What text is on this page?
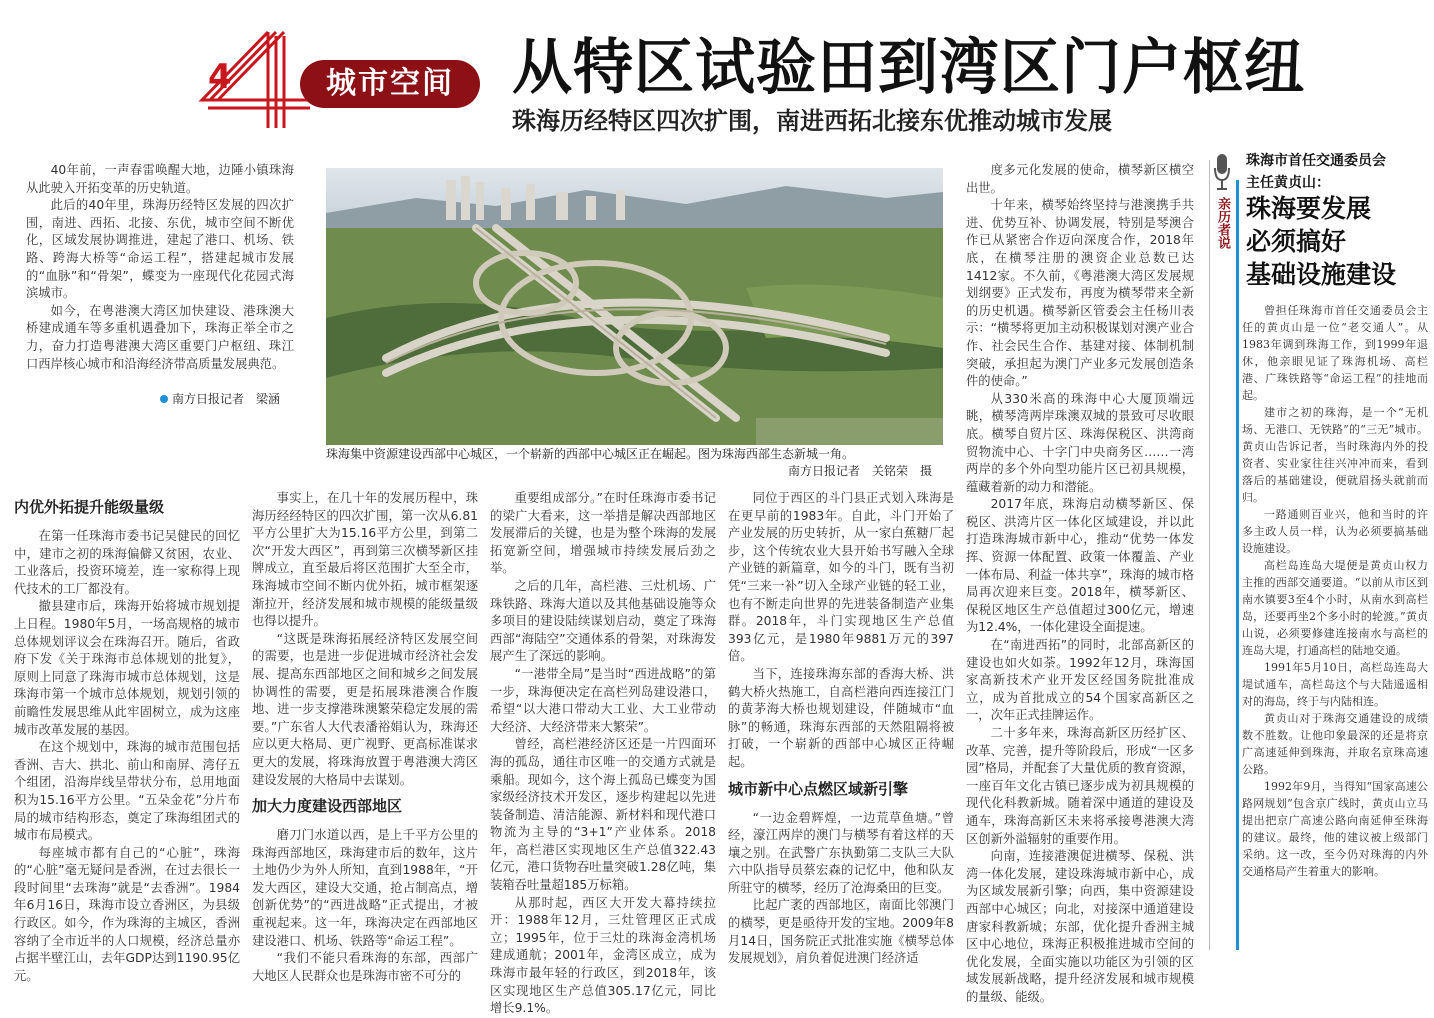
4	城市空间 从特区试验田到湾区门户枢纽
珠海历经特区四次扩围，南进西拓北接东优推动城市发展

40年前，一声春雷唤醒大地，边陲小镇珠海从此驶入开拓变革的历史轨道。

此后的40年里，珠海历经特区发展的四次扩围，南进、西拓、北接、东优，城市空间不断优化，区域发展协调推进，建起了港口、机场、铁路、跨海大桥等“命运工程”，搭建起城市发展的“血脉”和“骨架”，蝶变为一座现代化花园式海滨城市。

如今，在粤港澳大湾区加快建设、港珠澳大桥建成通车等多重机遇叠加下，珠海正举全市之力，奋力打造粤港澳大湾区重要门户枢纽、珠江口西岸核心城市和沿海经济带高质量发展典范。

南方日报记者　梁涵
珠海集中资源建设西部中心城区，一个崭新的西部中心城区正在崛起。图为珠海西部生态新城一角。
南方日报记者　关铭荣　摄
内优外拓提升能级量级

在第一任珠海市委书记吴健民的回忆中，建市之初的珠海偏僻又贫困，农业、工业落后，投资环境差，连一家称得上现代技术的工厂都没有。

撤县建市后，珠海开始将城市规划提上日程。1980年5月，一场高规格的城市总体规划评议会在珠海召开。随后，省政府下发《关于珠海市总体规划的批复》，原则上同意了珠海市城市总体规划，这是珠海市第一个城市总体规划，规划引领的前瞻性发展思维从此牢固树立，成为这座城市改革发展的基因。

在这个规划中，珠海的城市范围包括香洲、吉大、拱北、前山和南屏、湾仔五个组团，沿海岸线呈带状分布，总用地面积为15.16平方公里。“五朵金花”分片布局的城市结构形态，奠定了珠海组团式的城市布局模式。

每座城市都有自己的“心脏”，珠海的“心脏”毫无疑问是香洲，在过去很长一段时间里“去珠海”就是“去香洲”。1984年6月16日，珠海市设立香洲区，为县级行政区。如今，作为珠海的主城区，香洲容纳了全市近半的人口规模，经济总量亦占据半壁江山，去年GDP达到1190.95亿元。

事实上，在几十年的发展历程中，珠海历经经特区的四次扩围，第一次从6.81平方公里扩大为15.16平方公里，到第二次“开发大西区”，再到第三次横琴新区挂牌成立，直至最后将区范围扩大至全市，珠海城市空间不断内优外拓，城市框架逐渐拉开，经济发展和城市规模的能级量级也得以提升。

“这既是珠海拓展经济特区发展空间的需要，也是进一步促进城市经济社会发展、提高东西部地区之间和城乡之间发展协调性的需要，更是拓展珠港澳合作腹地、进一步支撑港珠澳繁荣稳定发展的需要。”广东省人大代表潘裕娟认为，珠海还应以更大格局、更广视野、更高标准谋求更大的发展，将珠海放置于粤港澳大湾区建设发展的大格局中去谋划。

加大力度建设西部地区

磨刀门水道以西，是上千平方公里的珠海西部地区，珠海建市后的数年，这片土地仍少为外人所知，直到1988年，“开发大西区，建设大交通，抢占制高点，增创新优势”的“西进战略”正式提出，才被重视起来。这一年，珠海决定在西部地区建设港口、机场、铁路等“命运工程”。

“我们不能只看珠海的东部，西部广大地区人民群众也是珠海市密不可分的

重要组成部分。”在时任珠海市委书记的梁广大看来，这一举措是解决西部地区发展滞后的关键，也是为整个珠海的发展拓宽新空间，增强城市持续发展后劲之举。

之后的几年，高栏港、三灶机场、广珠铁路、珠海大道以及其他基础设施等众多项目的建设陆续谋划启动，奠定了珠海西部“海陆空”交通体系的骨架，对珠海发展产生了深远的影响。

“一港带全局”是当时“西进战略”的第一步，珠海便决定在高栏列岛建设港口，希望“以大港口带动大工业、大工业带动大经济、大经济带来大繁荣”。

曾经，高栏港经济区还是一片四面环海的孤岛，通往市区唯一的交通方式就是乘船。现如今，这个海上孤岛已蝶变为国家级经济技术开发区，逐步构建起以先进装备制造、清洁能源、新材料和现代港口物流为主导的“3+1”产业体系。2018年，高栏港区实现地区生产总值322.43亿元，港口货物吞吐量突破1.28亿吨，集装箱吞吐量超185万标箱。

从那时起，西区大开发大幕持续拉开：1988年12月，三灶管理区正式成立；1995年，位于三灶的珠海金湾机场建成通航；2001年，金湾区成立，成为珠海市最年轻的行政区，到2018年，该区实现地区生产总值305.17亿元，同比增长9.1%。

同位于西区的斗门县正式划入珠海是在更早前的1983年。自此，斗门开始了产业发展的历史转折，从一家白蕉糖厂起步，这个传统农业大县开始书写融入全球产业链的新篇章，如今的斗门，既有当初凭“三来一补”切入全球产业链的轻工业，也有不断走向世界的先进装备制造产业集群。2018年，斗门实现地区生产总值393亿元，是1980年9881万元的397倍。

当下，连接珠海东部的香海大桥、洪鹤大桥火热施工，自高栏港向西连接江门的黄茅海大桥也规划建设，伴随城市“血脉”的畅通，珠海东西部的天然阻隔将被打破，一个崭新的西部中心城区正待崛起。

城市新中心点燃区域新引擎

“一边金碧辉煌，一边荒草鱼塘。”曾经，濠江两岸的澳门与横琴有着这样的天壤之别。在武警广东执勤第二支队三大队六中队指导员蔡宏森的记忆中，他和队友所驻守的横琴，经历了沧海桑田的巨变。

比起广袤的西部地区，南面比邻澳门的横琴，更是亟待开发的宝地。2009年8月14日，国务院正式批准实施《横琴总体发展规划》，肩负着促进澳门经济适

度多元化发展的使命，横琴新区横空出世。

十年来，横琴始终坚持与港澳携手共进、优势互补、协调发展，特别是琴澳合作已从紧密合作迈向深度合作，2018年底，在横琴注册的澳资企业总数已达1412家。不久前，《粤港澳大湾区发展规划纲要》正式发布，再度为横琴带来全新的历史机遇。横琴新区管委会主任杨川表示：“横琴将更加主动积极谋划对澳产业合作、社会民生合作、基建对接、体制机制突破，承担起为澳门产业多元发展创造条件的使命。”

从330米高的珠海中心大厦顶端远眺，横琴湾两岸珠澳双城的景致可尽收眼底。横琴自贸片区、珠海保税区、洪湾商贸物流中心、十字门中央商务区……一湾两岸的多个外向型功能片区已初具规模，蕴藏着新的动力和潜能。

2017年底，珠海启动横琴新区、保税区、洪湾片区一体化区域建设，并以此打造珠海城市新中心，推动“优势一体发挥、资源一体配置、政策一体覆盖、产业一体布局、利益一体共享”，珠海的城市格局再次迎来巨变。2018年，横琴新区、保税区地区生产总值超过300亿元，增速为12.4%，一体化建设全面提速。

在“南进西拓”的同时，北部高新区的建设也如火如荼。1992年12月，珠海国家高新技术产业开发区经国务院批准成立，成为首批成立的54个国家高新区之一，次年正式挂牌运作。

二十多年来，珠海高新区历经扩区、改革、完善，提升等阶段后，形成“一区多园”格局，并配套了大量优质的教育资源，一座百年文化古镇已逐步成为初具规模的现代化科教新城。随着深中通道的建设及通车，珠海高新区未来将承接粤港澳大湾区创新外溢辐射的重要作用。

向南，连接港澳促进横琴、保税、洪湾一体化发展，建设珠海城市新中心，成为区域发展新引擎；向西，集中资源建设西部中心城区；向北，对接深中通道建设唐家科教新城；东部，优化提升香洲主城区中心地位，珠海正积极推进城市空间的优化发展，全面实施以功能区为引领的区域发展新战略，提升经济发展和城市规模的量级、能级。

亲历者说
珠海市首任交通委员会
主任黄贞山：
珠海要发展
必须搞好
基础设施建设

曾担任珠海市首任交通委员会主任的黄贞山是一位“老交通人”。从1983年调到珠海工作，到1999年退休，他亲眼见证了珠海机场、高栏港、广珠铁路等“命运工程”的挂地而起。

建市之初的珠海，是一个“无机场、无港口、无铁路”的“三无”城市。黄贞山告诉记者，当时珠海内外的投资者、实业家往往兴冲冲而来，看到落后的基础建设，便就眉扬头就前而归。

一路通则百业兴，他和当时的许多主政人员一样，认为必须要搞基础设施建设。

高栏岛连岛大堤便是黄贞山权力主推的西部交通要道。“以前从市区到南水镇要3至4个小时，从南水到高栏岛，还要再坐2个多小时的轮渡。”黄贞山说，必须要修建连接南水与高栏的连岛大堤，打通高栏的陆地交通。

1991年5月10日，高栏岛连岛大堤试通车，高栏岛这个与大陆遥遥相对的海岛，终于与内陆相连。

黄贞山对于珠海交通建设的成绩数不胜数。让他印象最深的还是将京广高速延伸到珠海，并取名京珠高速公路。

1992年9月，当得知“国家高速公路网规划”包含京广线时，黄贞山立马提出把京广高速公路向南延伸至珠海的建议。最终，他的建议被上级部门采纳。这一改，至今仍对珠海的内外交通格局产生着重大的影响。
